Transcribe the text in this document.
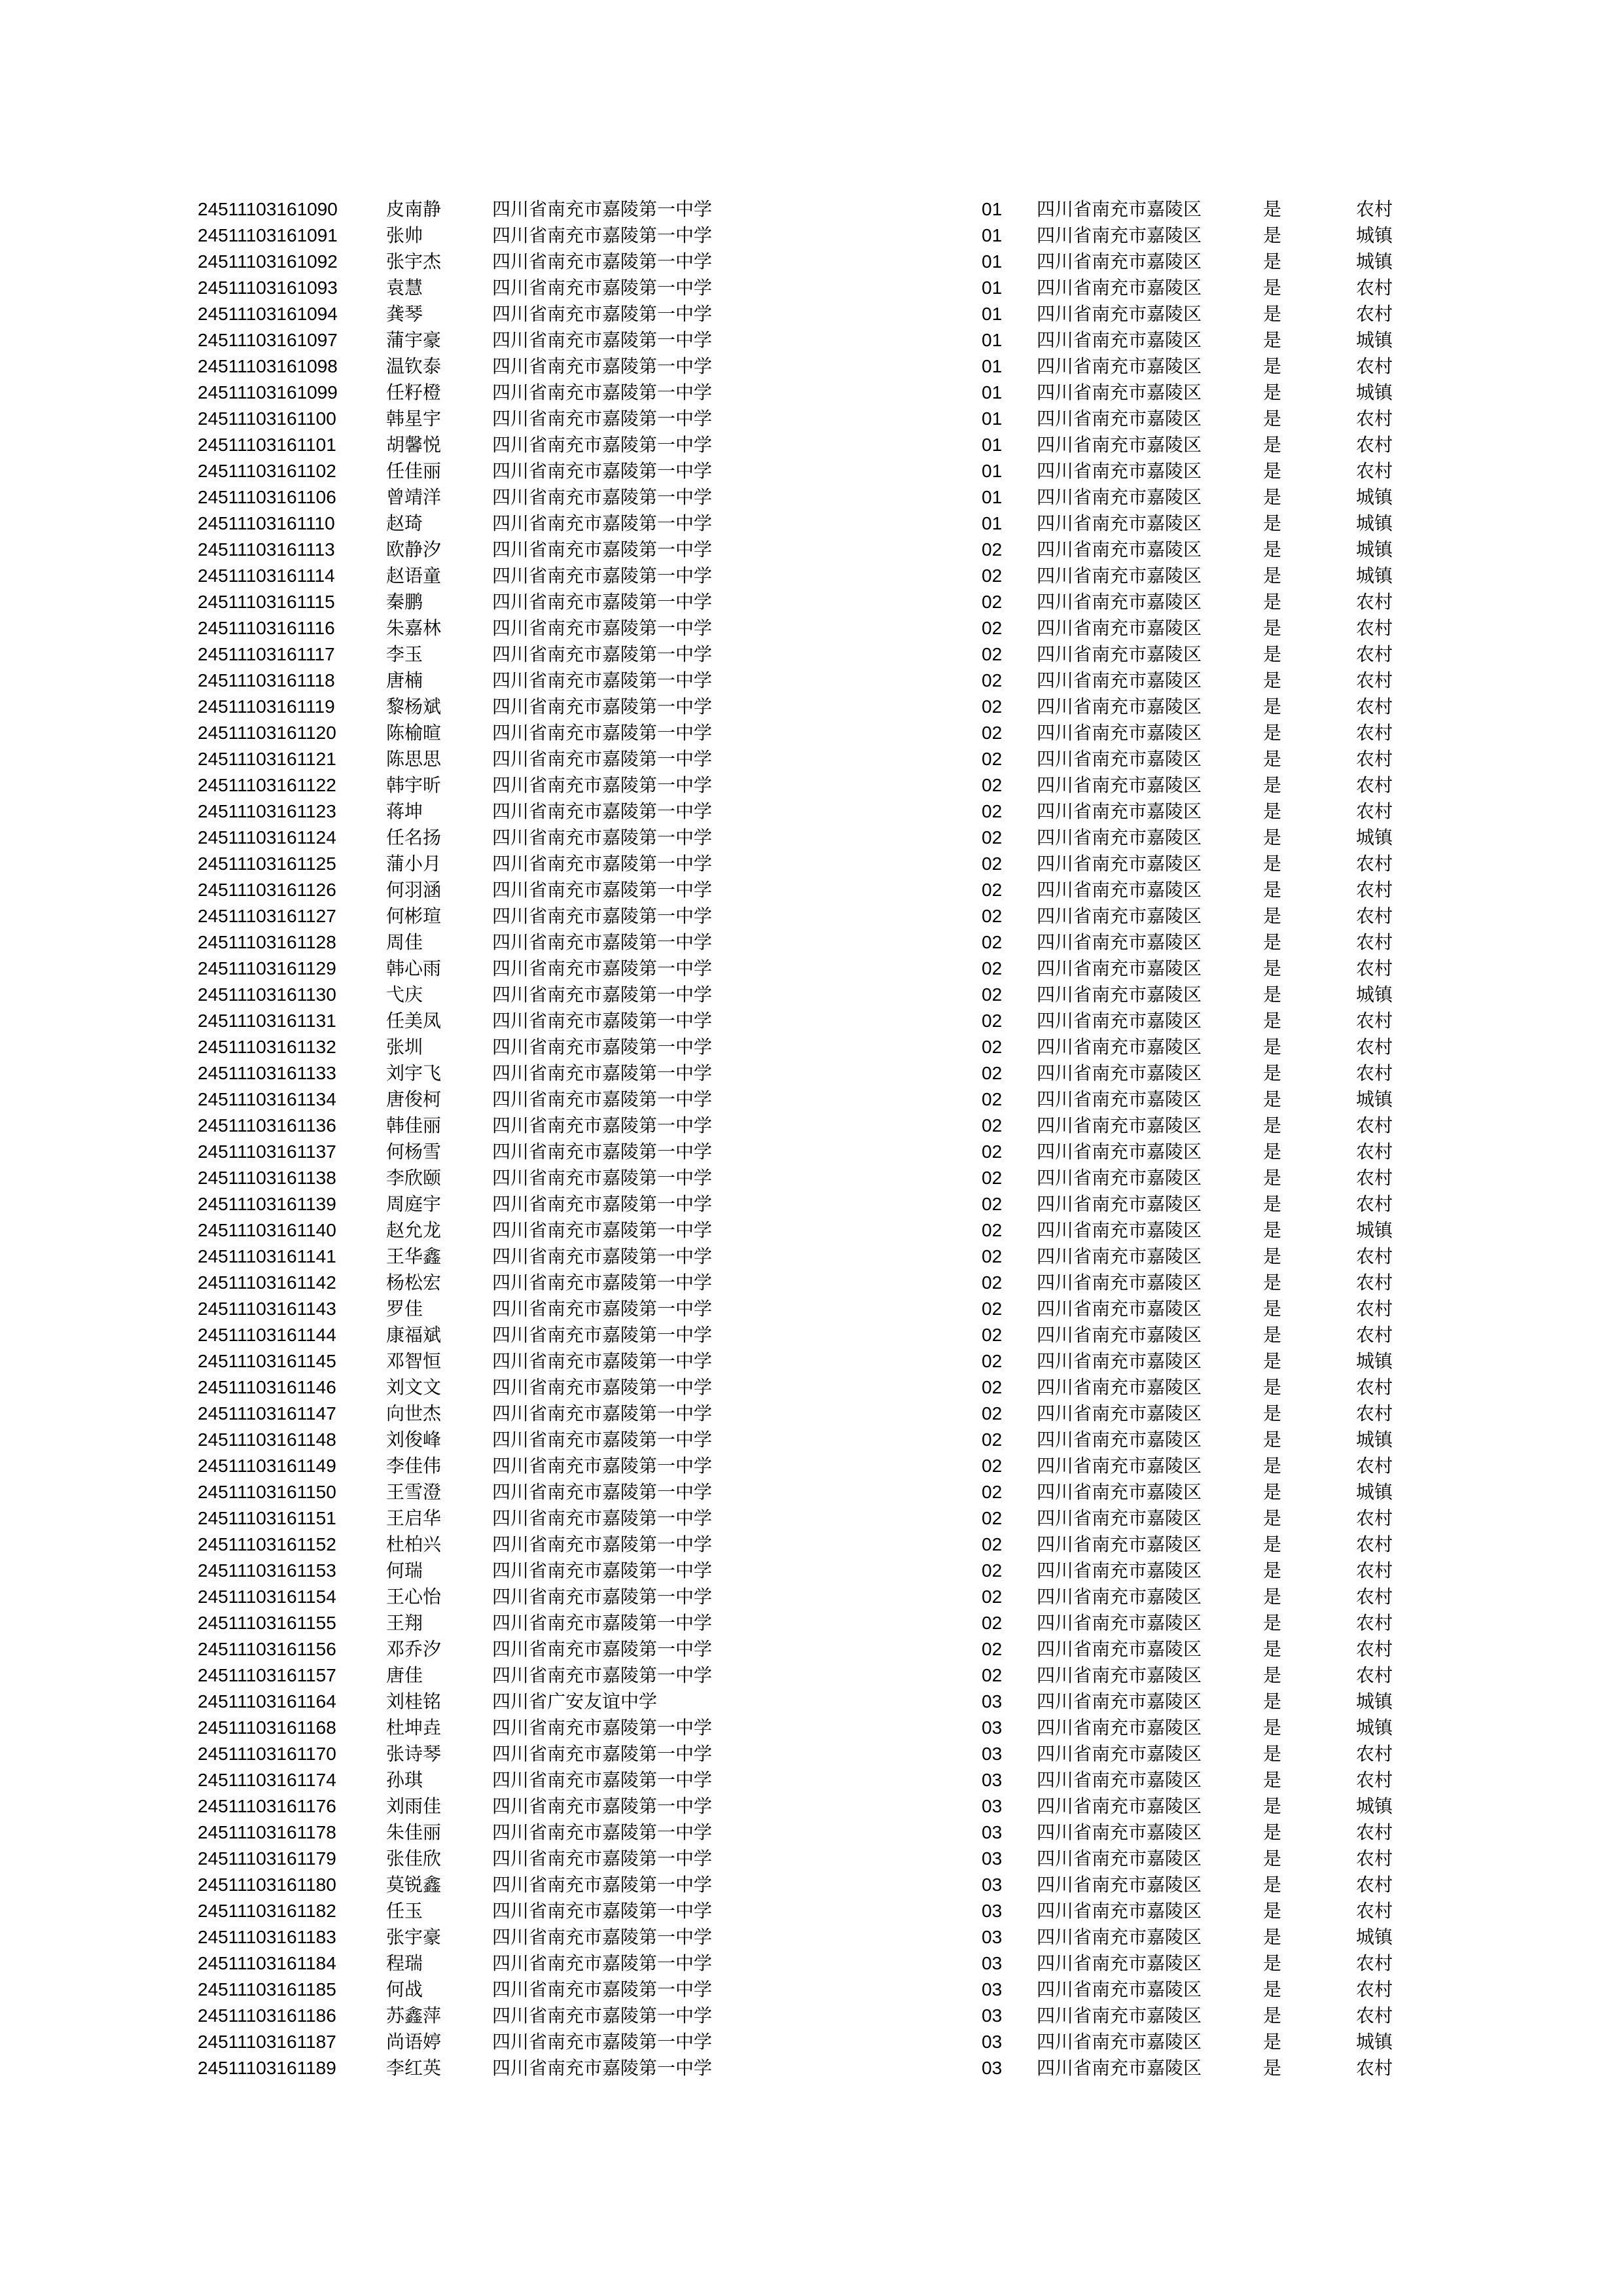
24511103161090	皮南静	四川省南充市嘉陵第一中学	01 四川省南充市嘉陵区	是	农村
24511103161091	张帅	四川省南充市嘉陵第一中学	01 四川省南充市嘉陵区	是	城镇
24511103161092	张宇杰	四川省南充市嘉陵第一中学	01 四川省南充市嘉陵区	是	城镇
24511103161093	袁慧	四川省南充市嘉陵第一中学	01 四川省南充市嘉陵区	是	农村
24511103161094	龚琴	四川省南充市嘉陵第一中学	01 四川省南充市嘉陵区	是	农村
24511103161097	蒲宇豪	四川省南充市嘉陵第一中学	01 四川省南充市嘉陵区	是	城镇
24511103161098	温钦泰	四川省南充市嘉陵第一中学	01 四川省南充市嘉陵区	是	农村
24511103161099	任籽橙	四川省南充市嘉陵第一中学	01 四川省南充市嘉陵区	是	城镇
24511103161100	韩星宇	四川省南充市嘉陵第一中学	01 四川省南充市嘉陵区	是	农村
24511103161101	胡馨悦	四川省南充市嘉陵第一中学	01 四川省南充市嘉陵区	是	农村
24511103161102	任佳丽	四川省南充市嘉陵第一中学	01 四川省南充市嘉陵区	是	农村
24511103161106	曾靖洋	四川省南充市嘉陵第一中学	01 四川省南充市嘉陵区	是	城镇
24511103161110	赵琦	四川省南充市嘉陵第一中学	01 四川省南充市嘉陵区	是	城镇
24511103161113	欧静汐	四川省南充市嘉陵第一中学	02 四川省南充市嘉陵区	是	城镇
24511103161114	赵语童	四川省南充市嘉陵第一中学	02 四川省南充市嘉陵区	是	城镇
24511103161115	秦鹏	四川省南充市嘉陵第一中学	02 四川省南充市嘉陵区	是	农村
24511103161116	朱嘉林	四川省南充市嘉陵第一中学	02 四川省南充市嘉陵区	是	农村
24511103161117	李玉	四川省南充市嘉陵第一中学	02 四川省南充市嘉陵区	是	农村
24511103161118	唐楠	四川省南充市嘉陵第一中学	02 四川省南充市嘉陵区	是	农村
24511103161119	黎杨斌	四川省南充市嘉陵第一中学	02 四川省南充市嘉陵区	是	农村
24511103161120	陈榆暄	四川省南充市嘉陵第一中学	02 四川省南充市嘉陵区	是	农村
24511103161121	陈思思	四川省南充市嘉陵第一中学	02 四川省南充市嘉陵区	是	农村
24511103161122	韩宇昕	四川省南充市嘉陵第一中学	02 四川省南充市嘉陵区	是	农村
24511103161123	蒋坤	四川省南充市嘉陵第一中学	02 四川省南充市嘉陵区	是	农村
24511103161124	任名扬	四川省南充市嘉陵第一中学	02 四川省南充市嘉陵区	是	城镇
24511103161125	蒲小月	四川省南充市嘉陵第一中学	02 四川省南充市嘉陵区	是	农村
24511103161126	何羽涵	四川省南充市嘉陵第一中学	02 四川省南充市嘉陵区	是	农村
24511103161127	何彬瑄	四川省南充市嘉陵第一中学	02 四川省南充市嘉陵区	是	农村
24511103161128	周佳	四川省南充市嘉陵第一中学	02 四川省南充市嘉陵区	是	农村
24511103161129	韩心雨	四川省南充市嘉陵第一中学	02 四川省南充市嘉陵区	是	农村
24511103161130	弋庆	四川省南充市嘉陵第一中学	02 四川省南充市嘉陵区	是	城镇
24511103161131	任美凤	四川省南充市嘉陵第一中学	02 四川省南充市嘉陵区	是	农村
24511103161132	张圳	四川省南充市嘉陵第一中学	02 四川省南充市嘉陵区	是	农村
24511103161133	刘宇飞	四川省南充市嘉陵第一中学	02 四川省南充市嘉陵区	是	农村
24511103161134	唐俊柯	四川省南充市嘉陵第一中学	02 四川省南充市嘉陵区	是	城镇
24511103161136	韩佳丽	四川省南充市嘉陵第一中学	02 四川省南充市嘉陵区	是	农村
24511103161137	何杨雪	四川省南充市嘉陵第一中学	02 四川省南充市嘉陵区	是	农村
24511103161138	李欣颐	四川省南充市嘉陵第一中学	02 四川省南充市嘉陵区	是	农村
24511103161139	周庭宇	四川省南充市嘉陵第一中学	02 四川省南充市嘉陵区	是	农村
24511103161140	赵允龙	四川省南充市嘉陵第一中学	02 四川省南充市嘉陵区	是	城镇
24511103161141	王华鑫	四川省南充市嘉陵第一中学	02 四川省南充市嘉陵区	是	农村
24511103161142	杨松宏	四川省南充市嘉陵第一中学	02 四川省南充市嘉陵区	是	农村
24511103161143	罗佳	四川省南充市嘉陵第一中学	02 四川省南充市嘉陵区	是	农村
24511103161144	康福斌	四川省南充市嘉陵第一中学	02 四川省南充市嘉陵区	是	农村
24511103161145	邓智恒	四川省南充市嘉陵第一中学	02 四川省南充市嘉陵区	是	城镇
24511103161146	刘文文	四川省南充市嘉陵第一中学	02 四川省南充市嘉陵区	是	农村
24511103161147	向世杰	四川省南充市嘉陵第一中学	02 四川省南充市嘉陵区	是	农村
24511103161148	刘俊峰	四川省南充市嘉陵第一中学	02 四川省南充市嘉陵区	是	城镇
24511103161149	李佳伟	四川省南充市嘉陵第一中学	02 四川省南充市嘉陵区	是	农村
24511103161150	王雪澄	四川省南充市嘉陵第一中学	02 四川省南充市嘉陵区	是	城镇
24511103161151	王启华	四川省南充市嘉陵第一中学	02 四川省南充市嘉陵区	是	农村
24511103161152	杜柏兴	四川省南充市嘉陵第一中学	02 四川省南充市嘉陵区	是	农村
24511103161153	何瑞	四川省南充市嘉陵第一中学	02 四川省南充市嘉陵区	是	农村
24511103161154	王心怡	四川省南充市嘉陵第一中学	02 四川省南充市嘉陵区	是	农村
24511103161155	王翔	四川省南充市嘉陵第一中学	02 四川省南充市嘉陵区	是	农村
24511103161156	邓乔汐	四川省南充市嘉陵第一中学	02 四川省南充市嘉陵区	是	农村
24511103161157	唐佳	四川省南充市嘉陵第一中学	02 四川省南充市嘉陵区	是	农村
24511103161164	刘桂铭	四川省广安友谊中学	03 四川省南充市嘉陵区	是	城镇
24511103161168	杜坤垚	四川省南充市嘉陵第一中学	03 四川省南充市嘉陵区	是	城镇
24511103161170	张诗琴	四川省南充市嘉陵第一中学	03 四川省南充市嘉陵区	是	农村
24511103161174	孙琪	四川省南充市嘉陵第一中学	03 四川省南充市嘉陵区	是	农村
24511103161176	刘雨佳	四川省南充市嘉陵第一中学	03 四川省南充市嘉陵区	是	城镇
24511103161178	朱佳丽	四川省南充市嘉陵第一中学	03 四川省南充市嘉陵区	是	农村
24511103161179	张佳欣	四川省南充市嘉陵第一中学	03 四川省南充市嘉陵区	是	农村
24511103161180	莫锐鑫	四川省南充市嘉陵第一中学	03 四川省南充市嘉陵区	是	农村
24511103161182	任玉	四川省南充市嘉陵第一中学	03 四川省南充市嘉陵区	是	农村
24511103161183	张宇豪	四川省南充市嘉陵第一中学	03 四川省南充市嘉陵区	是	城镇
24511103161184	程瑞	四川省南充市嘉陵第一中学	03 四川省南充市嘉陵区	是	农村
24511103161185	何战	四川省南充市嘉陵第一中学	03 四川省南充市嘉陵区	是	农村
24511103161186	苏鑫萍	四川省南充市嘉陵第一中学	03 四川省南充市嘉陵区	是	农村
24511103161187	尚语婷	四川省南充市嘉陵第一中学	03 四川省南充市嘉陵区	是	城镇
24511103161189	李红英	四川省南充市嘉陵第一中学	03 四川省南充市嘉陵区	是	农村
